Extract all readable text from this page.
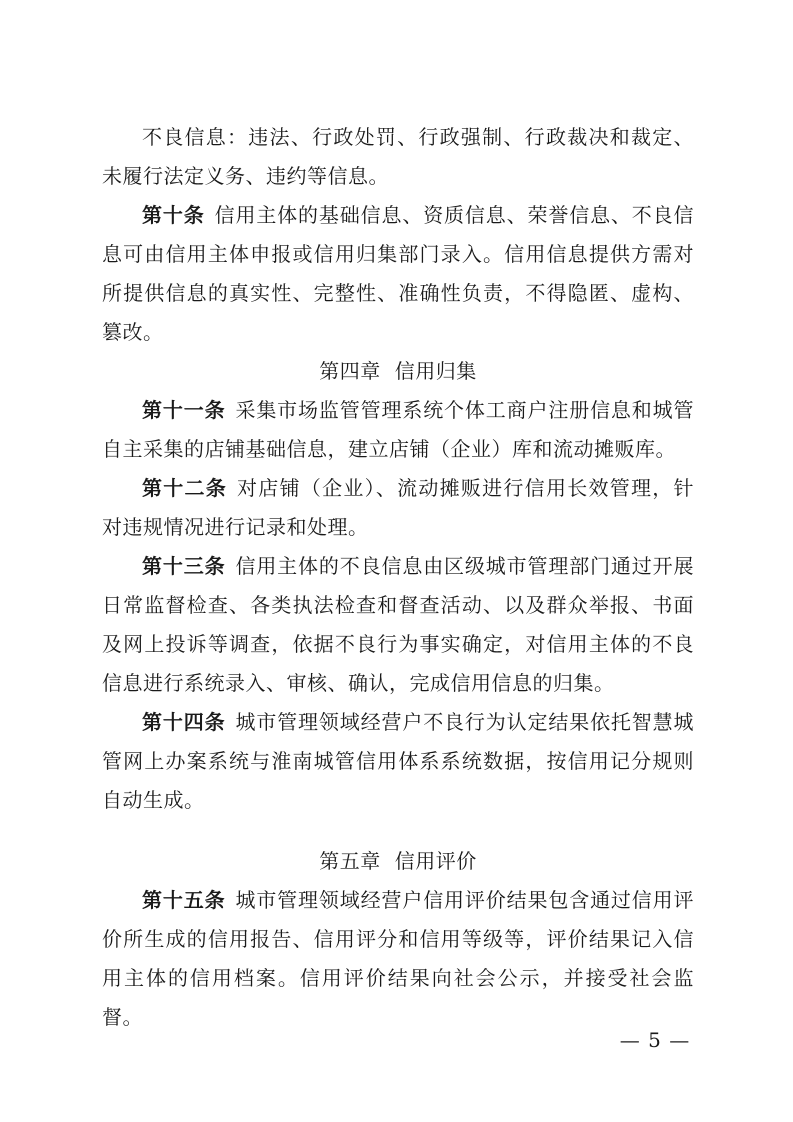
不良信息：违法、行政处罚、行政强制、行政裁决和裁定、未履行法定义务、违约等信息。

第十条 信用主体的基础信息、资质信息、荣誉信息、不良信息可由信用主体申报或信用归集部门录入。信用信息提供方需对所提供信息的真实性、完整性、准确性负责，不得隐匿、虚构、篡改。

第四章 信用归集

第十一条 采集市场监管管理系统个体工商户注册信息和城管自主采集的店铺基础信息，建立店铺（企业）库和流动摊贩库。

第十二条 对店铺（企业）、流动摊贩进行信用长效管理，针对违规情况进行记录和处理。

第十三条 信用主体的不良信息由区级城市管理部门通过开展日常监督检查、各类执法检查和督查活动、以及群众举报、书面及网上投诉等调查，依据不良行为事实确定，对信用主体的不良信息进行系统录入、审核、确认，完成信用信息的归集。

第十四条 城市管理领域经营户不良行为认定结果依托智慧城管网上办案系统与淮南城管信用体系系统数据，按信用记分规则自动生成。

第五章 信用评价

第十五条 城市管理领域经营户信用评价结果包含通过信用评价所生成的信用报告、信用评分和信用等级等，评价结果记入信用主体的信用档案。信用评价结果向社会公示，并接受社会监督。

— 5 —
